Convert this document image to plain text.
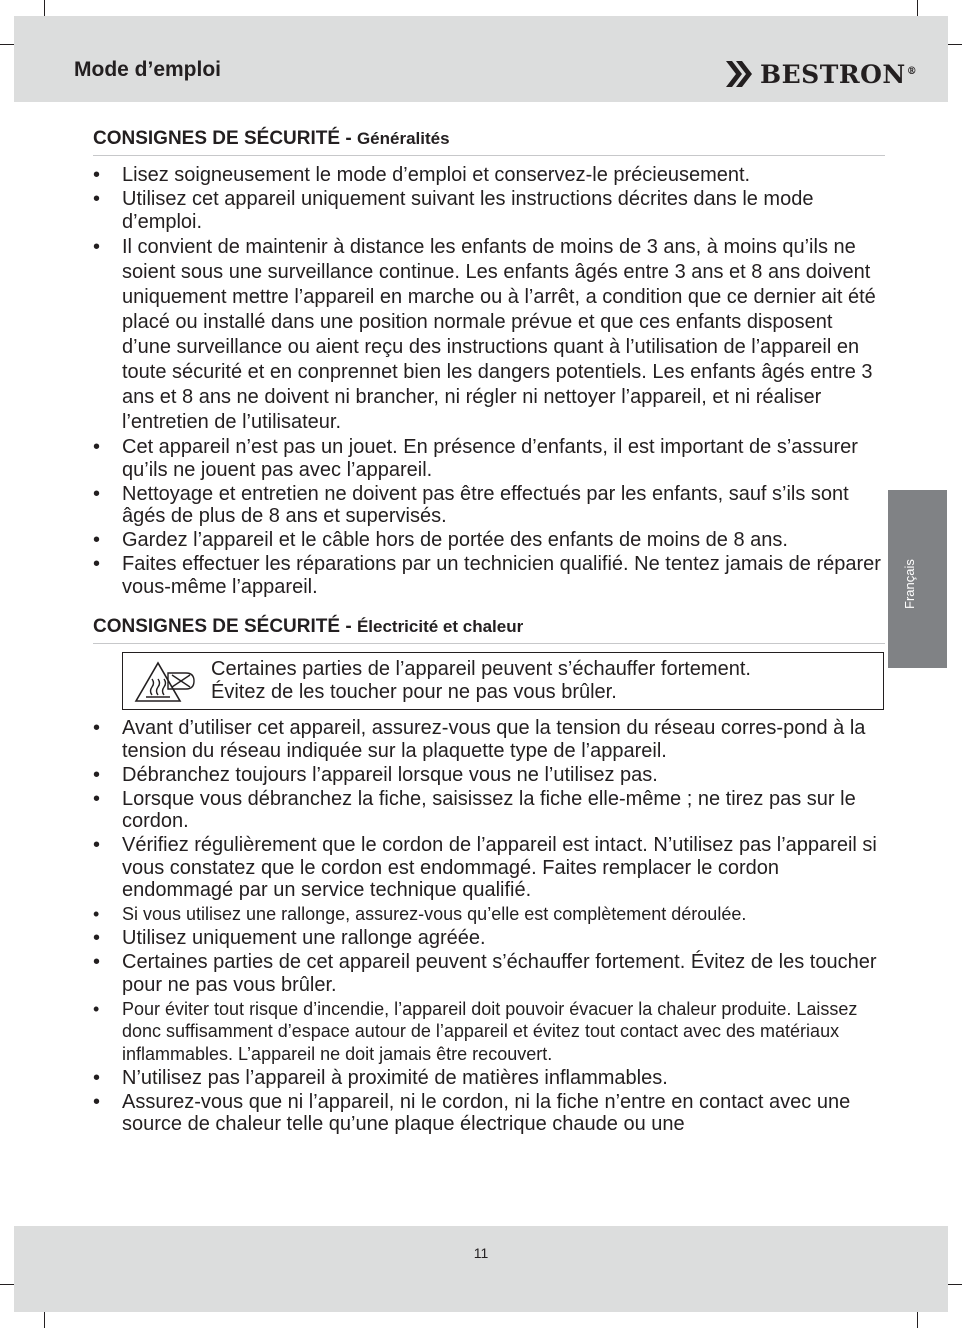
Mode d’emploi	BESTRON®
Français
CONSIGNES DE SÉCURITÉ - Généralités
• Lisez soigneusement le mode d’emploi et conservez-le précieusement.
• Utilisez cet appareil uniquement suivant les instructions décrites dans le mode d’emploi.
• Il convient de maintenir à distance les enfants de moins de 3 ans, à moins qu’ils ne soient sous une surveillance continue. Les enfants âgés entre 3 ans et 8 ans doivent uniquement mettre l’appareil en marche ou à l’arrêt, a condition que ce dernier ait été placé ou installé dans une position normale prévue et que ces enfants disposent d’une surveillance ou aient reçu des instructions quant à l’utilisation de l’appareil en toute sécurité et en conprennet bien les dangers potentiels. Les enfants âgés entre 3 ans et 8 ans ne doivent ni brancher, ni régler ni nettoyer l’appareil, et ni réaliser l’entretien de l’utilisateur.
• Cet appareil n’est pas un jouet. En présence d’enfants, il est important de s’assurer qu’ils ne jouent pas avec l’appareil.
• Nettoyage et entretien ne doivent pas être effectués par les enfants, sauf s’ils sont âgés de plus de 8 ans et supervisés.
• Gardez l’appareil et le câble hors de portée des enfants de moins de 8 ans.
• Faites effectuer les réparations par un technicien qualifié. Ne tentez jamais de réparer vous-même l’appareil.
CONSIGNES DE SÉCURITÉ - Électricité et chaleur
Certaines parties de l’appareil peuvent s’échauffer fortement.
Évitez de les toucher pour ne pas vous brûler.
• Avant d’utiliser cet appareil, assurez-vous que la tension du réseau corres-pond à la tension du réseau indiquée sur la plaquette type de l’appareil.
• Débranchez toujours l’appareil lorsque vous ne l’utilisez pas.
• Lorsque vous débranchez la fiche, saisissez la fiche elle-même ; ne tirez pas sur le cordon.
• Vérifiez régulièrement que le cordon de l’appareil est intact. N’utilisez pas l’appareil si vous constatez que le cordon est endommagé. Faites remplacer le cordon endommagé par un service technique qualifié.
• Si vous utilisez une rallonge, assurez-vous qu’elle est complètement déroulée.
• Utilisez uniquement une rallonge agréée.
• Certaines parties de cet appareil peuvent s’échauffer fortement. Évitez de les toucher pour ne pas vous brûler.
• Pour éviter tout risque d’incendie, l’appareil doit pouvoir évacuer la chaleur produite. Laissez donc suffisamment d’espace autour de l’appareil et évitez tout contact avec des matériaux inflammables. L’appareil ne doit jamais être recouvert.
• N’utilisez pas l’appareil à proximité de matières inflammables.
• Assurez-vous que ni l’appareil, ni le cordon, ni la fiche n’entre en contact avec une source de chaleur telle qu’une plaque électrique chaude ou une
11
